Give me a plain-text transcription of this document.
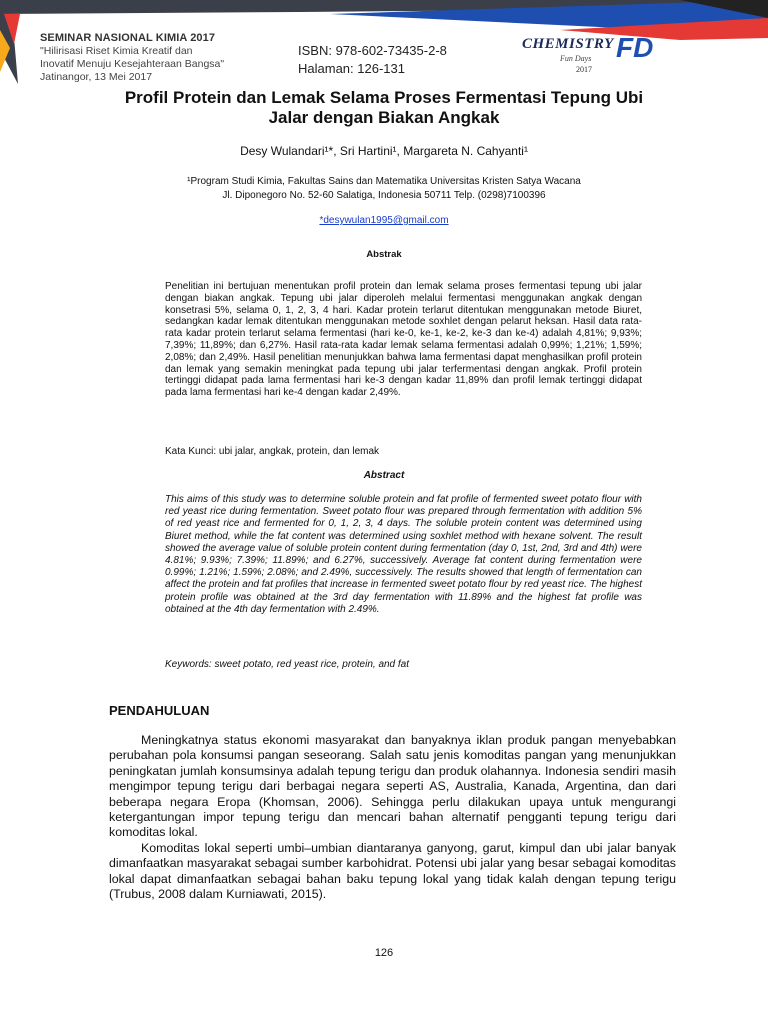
SEMINAR NASIONAL KIMIA 2017
"Hilirisasi Riset Kimia Kreatif dan
Inovatif Menuju Kesejahteraan Bangsa"
Jatinangor, 13 Mei 2017
ISBN: 978-602-73435-2-8
Halaman: 126-131
CHEMISTRY
Fun Days
2017
FD
Profil Protein dan Lemak Selama Proses Fermentasi Tepung Ubi
Jalar dengan Biakan Angkak
Desy Wulandari¹*, Sri Hartini¹, Margareta N. Cahyanti¹
¹Program Studi Kimia, Fakultas Sains dan Matematika Universitas Kristen Satya Wacana
Jl. Diponegoro No. 52-60 Salatiga, Indonesia 50711 Telp. (0298)7100396
*desywulan1995@gmail.com
Abstrak
Penelitian ini bertujuan menentukan profil protein dan lemak selama proses fermentasi tepung ubi jalar dengan biakan angkak. Tepung ubi jalar diperoleh melalui fermentasi menggunakan angkak dengan konsetrasi 5%, selama 0, 1, 2, 3, 4 hari. Kadar protein terlarut ditentukan menggunakan metode Biuret, sedangkan kadar lemak ditentukan menggunakan metode soxhlet dengan pelarut heksan. Hasil data rata-rata kadar protein terlarut selama fermentasi (hari ke-0, ke-1, ke-2, ke-3 dan ke-4) adalah 4,81%; 9,93%; 7,39%; 11,89%; dan 6,27%. Hasil rata-rata kadar lemak selama fermentasi adalah 0,99%; 1,21%; 1,59%; 2,08%; dan 2,49%. Hasil penelitian menunjukkan bahwa lama fermentasi dapat menghasilkan profil protein dan lemak yang semakin meningkat pada tepung ubi jalar terfermentasi dengan angkak. Profil protein tertinggi didapat pada lama fermentasi hari ke-3 dengan kadar 11,89% dan profil lemak tertinggi didapat pada lama fermentasi hari ke-4 dengan kadar 2,49%.
Kata Kunci: ubi jalar, angkak, protein, dan lemak
Abstract
This aims of this study was to determine soluble protein and fat profile of fermented sweet potato flour with red yeast rice during fermentation. Sweet potato flour was prepared through fermentation with addition 5% of red yeast rice and fermented for 0, 1, 2, 3, 4 days. The soluble protein content was determined using Biuret method, while the fat content was determined using soxhlet method with hexane solvent. The result showed the average value of soluble protein content during fermentation (day 0, 1st, 2nd, 3rd and 4th) were 4.81%; 9.93%; 7.39%; 11.89%; and 6.27%, successively. Average fat content during fermentation were 0.99%; 1.21%; 1.59%; 2.08%; and 2.49%, successively. The results showed that length of fermentation can affect the protein and fat profiles that increase in fermented sweet potato flour by red yeast rice. The highest protein profile was obtained at the 3rd day fermentation with 11.89% and the highest fat profile was obtained at the 4th day fermentation with 2.49%.
Keywords: sweet potato, red yeast rice, protein, and fat
PENDAHULUAN

Meningkatnya status ekonomi masyarakat dan banyaknya iklan produk pangan menyebabkan perubahan pola konsumsi pangan seseorang. Salah satu jenis komoditas pangan yang menunjukkan peningkatan jumlah konsumsinya adalah tepung terigu dan produk olahannya. Indonesia sendiri masih mengimpor tepung terigu dari berbagai negara seperti AS, Australia, Kanada, Argentina, dan dari beberapa negara Eropa (Khomsan, 2006). Sehingga perlu dilakukan upaya untuk mengurangi ketergantungan impor tepung terigu dan mencari bahan alternatif pengganti tepung terigu dari komoditas lokal.

Komoditas lokal seperti umbi–umbian diantaranya ganyong, garut, kimpul dan ubi jalar banyak dimanfaatkan masyarakat sebagai sumber karbohidrat. Potensi ubi jalar yang besar sebagai komoditas lokal dapat dimanfaatkan sebagai bahan baku tepung lokal yang tidak kalah dengan tepung terigu (Trubus, 2008 dalam Kurniawati, 2015).

126
